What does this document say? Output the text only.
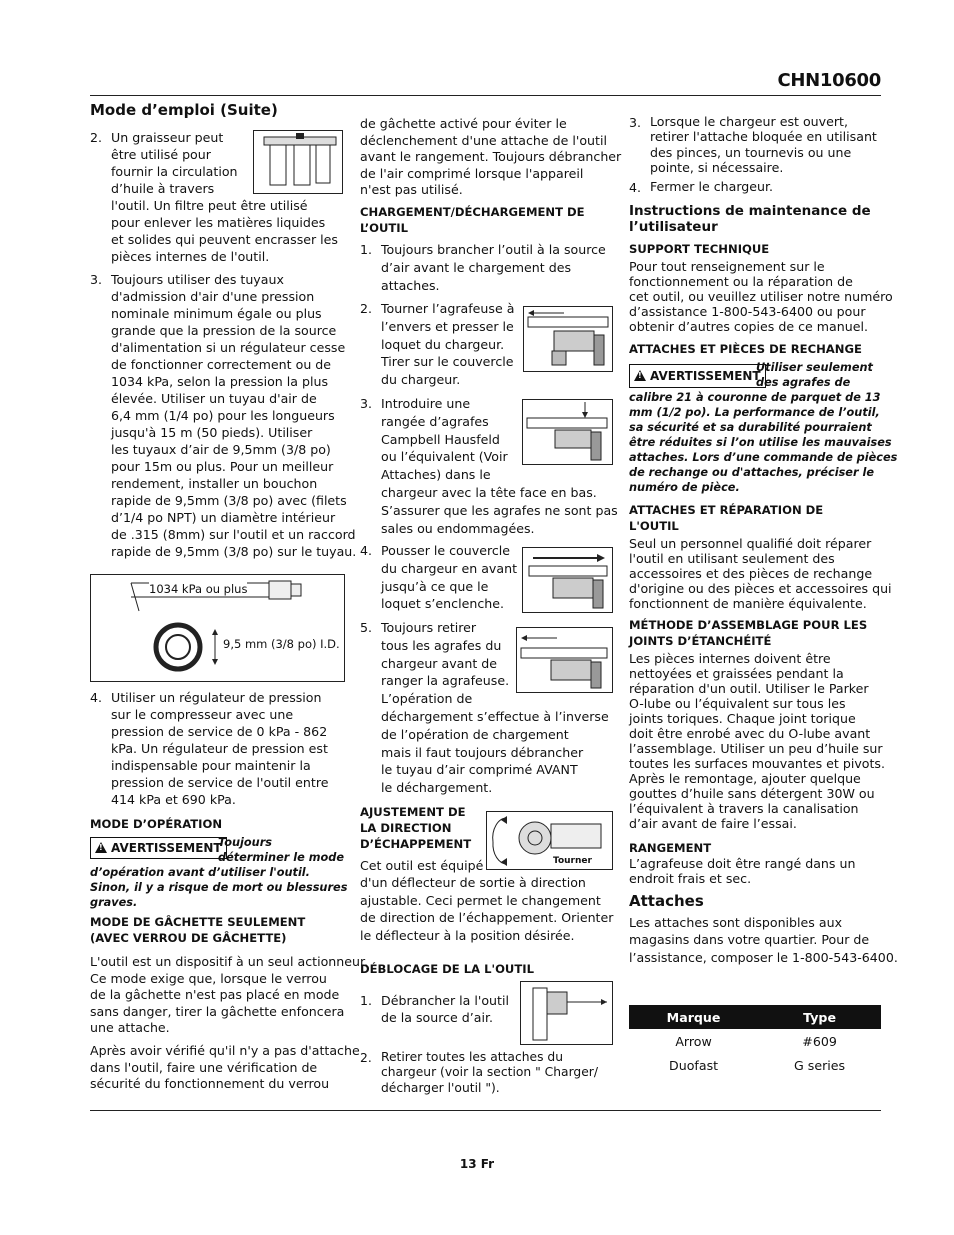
CHN10600
Mode d’emploi (Suite)
2. Un graisseur peut
être utilisé pour
fournir la circulation
d’huile à travers
l'outil. Un filtre peut être utilisé
pour enlever les matières liquides
et solides qui peuvent encrasser les
pièces internes de l'outil.
3. Toujours utiliser des tuyaux
d'admission d'air d'une pression
nominale minimum égale ou plus
grande que la pression de la source
d'alimentation si un régulateur cesse
de fonctionner correctement ou de
1034 kPa, selon la pression la plus
élevée. Utiliser un tuyau d'air de
6,4 mm (1/4 po) pour les longueurs
jusqu'à 15 m (50 pieds). Utiliser
les tuyaux d’air de 9,5mm (3/8 po)
pour 15m ou plus. Pour un meilleur
rendement, installer un bouchon
rapide de 9,5mm (3/8 po) avec (filets
d’1/4 po NPT) un diamètre intérieur
de .315 (8mm) sur l'outil et un raccord
rapide de 9,5mm (3/8 po) sur le tuyau.
1034 kPa ou plus
9,5 mm (3/8 po) I.D.
4. Utiliser un régulateur de pression
sur le compresseur avec une
pression de service de 0 kPa - 862
kPa. Un régulateur de pression est
indispensable pour maintenir la
pression de service de l'outil entre
414 kPa et 690 kPa.
MODE D’OPÉRATION
!AVERTISSEMENT
Toujours
déterminer le mode
d’opération avant d’utiliser l'outil.
Sinon, il y a risque de mort ou blessures
graves.
MODE DE GÂCHETTE SEULEMENT
(AVEC VERROU DE GÂCHETTE)
L'outil est un dispositif à un seul actionneur.
Ce mode exige que, lorsque le verrou
de la gâchette n'est pas placé en mode
sans danger, tirer la gâchette enfoncera
une attache.
Après avoir vérifié qu'il n'y a pas d'attache
dans l'outil, faire une vérification de
sécurité du fonctionnement du verrou
de gâchette activé pour éviter le
déclenchement d'une attache de l'outil
avant le rangement. Toujours débrancher
de l'air comprimé lorsque l'appareil
n'est pas utilisé.
CHARGEMENT/DÉCHARGEMENT DE
L’OUTIL
1. Toujours brancher l’outil à la source
d’air avant le chargement des
attaches.
2. Tourner l’agrafeuse à
l’envers et presser le
loquet du chargeur.
Tirer sur le couvercle
du chargeur.
3. Introduire une
rangée d’agrafes
Campbell Hausfeld
ou l’équivalent (Voir
Attaches) dans le
chargeur avec la tête face en bas.
S’assurer que les agrafes ne sont pas
sales ou endommagées.
4. Pousser le couvercle
du chargeur en avant
jusqu’à ce que le
loquet s’enclenche.
5. Toujours retirer
tous les agrafes du
chargeur avant de
ranger la agrafeuse.
L’opération de
déchargement s’effectue à l’inverse
de l’opération de chargement
mais il faut toujours débrancher
le tuyau d’air comprimé AVANT
le déchargement.
AJUSTEMENT DE
LA DIRECTION
D’ÉCHAPPEMENT
Tourner
Cet outil est équipé
d'un déflecteur de sortie à direction
ajustable. Ceci permet le changement
de direction de l’échappement. Orienter
le déflecteur à la position désirée.
DÉBLOCAGE DE LA L'OUTIL
1. Débrancher la l'outil
de la source d’air.
2. Retirer toutes les attaches du
chargeur (voir la section " Charger/
décharger l'outil ").
3. Lorsque le chargeur est ouvert,
retirer l'attache bloquée en utilisant
des pinces, un tournevis ou une
pointe, si nécessaire.
4. Fermer le chargeur.
Instructions de maintenance de
l’utilisateur
SUPPORT TECHNIQUE
Pour tout renseignement sur le
fonctionnement ou la réparation de
cet outil, ou veuillez utiliser notre numéro
d’assistance 1-800-543-6400 ou pour
obtenir d’autres copies de ce manuel.
ATTACHES ET PIÈCES DE RECHANGE
!AVERTISSEMENT
Utiliser seulement
des agrafes de
calibre 21 à couronne de parquet de 13
mm (1/2 po). La performance de l’outil,
sa sécurité et sa durabilité pourraient
être réduites si l’on utilise les mauvaises
attaches. Lors d’une commande de pièces
de rechange ou d'attaches, préciser le
numéro de pièce.
ATTACHES ET RÉPARATION DE
L'OUTIL
Seul un personnel qualifié doit réparer
l'outil en utilisant seulement des
accessoires et des pièces de rechange
d'origine ou des pièces et accessoires qui
fonctionnent de manière équivalente.
MÉTHODE D’ASSEMBLAGE POUR LES
JOINTS D’ÉTANCHÉITÉ
Les pièces internes doivent être
nettoyées et graissées pendant la
réparation d'un outil. Utiliser le Parker
O-lube ou l’équivalent sur tous les
joints toriques. Chaque joint torique
doit être enrobé avec du O-lube avant
l’assemblage. Utiliser un peu d’huile sur
toutes les surfaces mouvantes et pivots.
Après le remontage, ajouter quelque
gouttes d’huile sans détergent 30W ou
l’équivalent à travers la canalisation
d’air avant de faire l’essai.
RANGEMENT
L’agrafeuse doit être rangé dans un
endroit frais et sec.
Attaches
Les attaches sont disponibles aux
magasins dans votre quartier. Pour de
l’assistance, composer le 1-800-543-6400.
Marque	Type
Arrow	#609
Duofast	G series
13 Fr
